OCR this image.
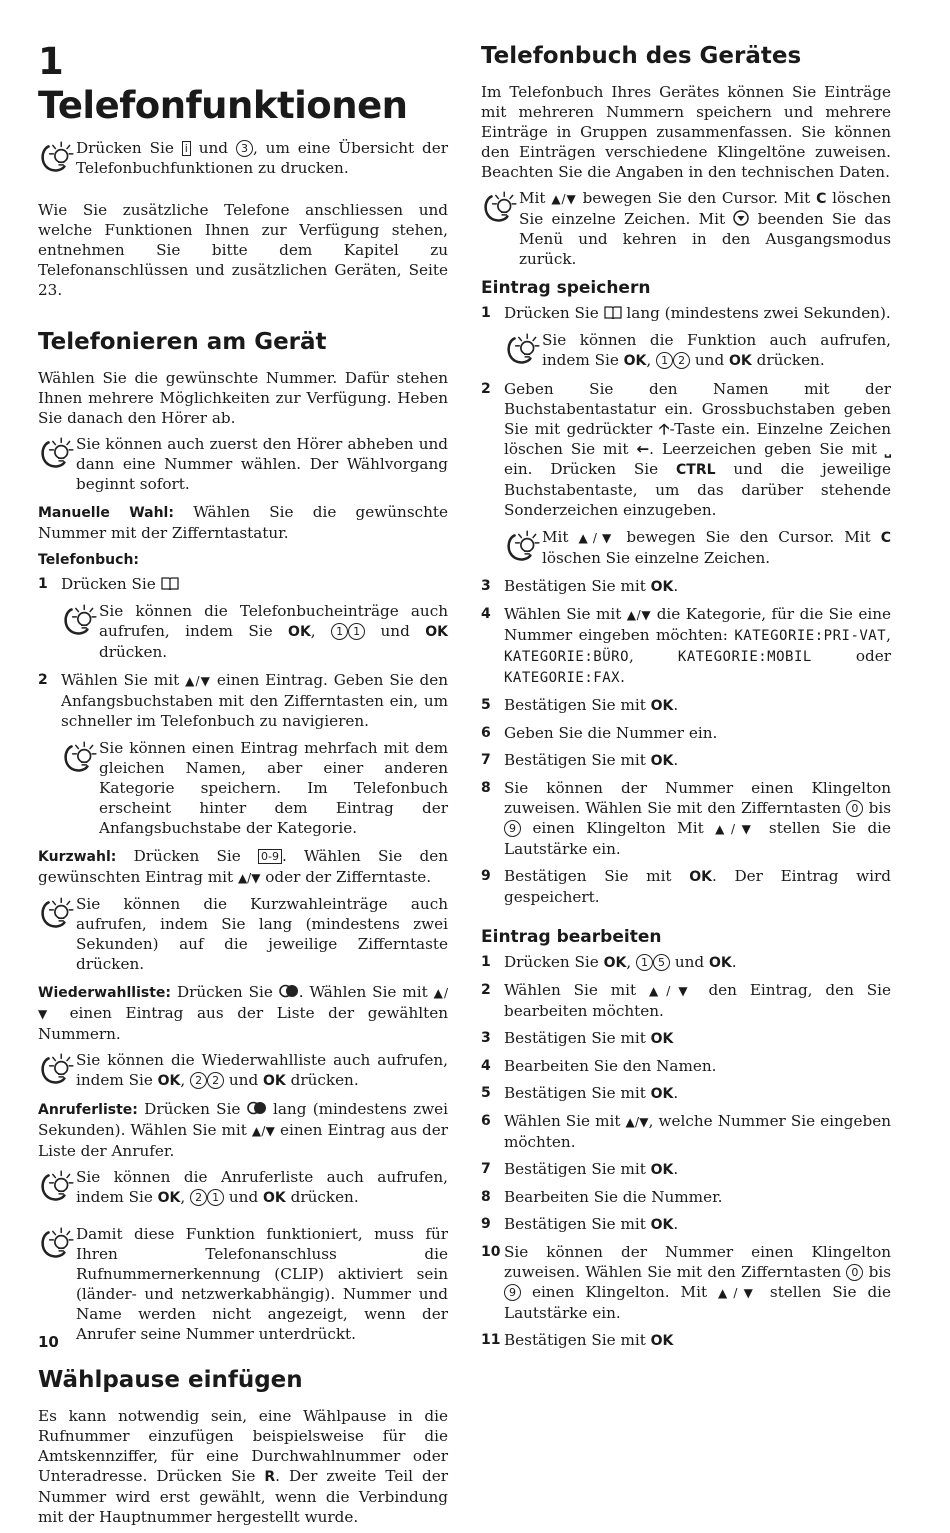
1Telefonfunktionen
Drücken Sie i und 3 , um eine Übersicht der Telefonbuchfunktionen zu drucken.

Wie Sie zusätzliche Telefone anschliessen und welche Funktionen Ihnen zur Verfügung stehen, entnehmen Sie bitte dem Kapitel zu Telefonanschlüssen und zusätzlichen Geräten, Seite 23.

Telefonieren am Gerät

Wählen Sie die gewünschte Nummer. Dafür stehen Ihnen mehrere Möglichkeiten zur Verfügung. Heben Sie danach den Hörer ab.

Sie können auch zuerst den Hörer abheben und dann eine Nummer wählen. Der Wählvorgang beginnt sofort.

Manuelle Wahl: Wählen Sie die gewünschte Nummer mit der Zifferntastatur.

Telefonbuch:

1 Drücken Sie
Sie können die Telefonbucheinträge auch aufrufen, indem Sie OK, 1 1 und OK drücken.
2 Wählen Sie mit ▲/▼ einen Eintrag. Geben Sie den Anfangsbuchstaben mit den Zifferntasten ein, um schneller im Telefonbuch zu navigieren.
Sie können einen Eintrag mehrfach mit dem gleichen Namen, aber einer anderen Kategorie speichern. Im Telefonbuch erscheint hinter dem Eintrag der Anfangsbuchstabe der Kategorie.

Kurzwahl: Drücken Sie 0-9 . Wählen Sie den gewünschten Eintrag mit ▲/▼ oder der Zifferntaste.

Sie können die Kurzwahleinträge auch aufrufen, indem Sie lang (mindestens zwei Sekunden) auf die jeweilige Zifferntaste drücken.

Wiederwahlliste: Drücken Sie . Wählen Sie mit ▲/▼ einen Eintrag aus der Liste der gewählten Nummern.

Sie können die Wiederwahlliste auch aufrufen, indem Sie OK, 2 2 und OK drücken.

Anruferliste: Drücken Sie  lang (mindestens zwei Sekunden). Wählen Sie mit ▲/▼ einen Eintrag aus der Liste der Anrufer.

Sie können die Anruferliste auch aufrufen, indem Sie OK, 2 1 und OK drücken.
Damit diese Funktion funktioniert, muss für Ihren Telefonanschluss die Rufnummernerkennung (CLIP) aktiviert sein (länder- und netzwerkabhängig). Nummer und Name werden nicht angezeigt, wenn der Anrufer seine Nummer unterdrückt.
Wählpause einfügen

Es kann notwendig sein, eine Wählpause in die Rufnummer einzufügen beispielsweise für die Amtskennziffer, für eine Durchwahlnummer oder Unteradresse. Drücken Sie R. Der zweite Teil der Nummer wird erst gewählt, wenn die Verbindung mit der Hauptnummer hergestellt wurde.

Telefonbuch des Gerätes

Im Telefonbuch Ihres Gerätes können Sie Einträge mit mehreren Nummern speichern und mehrere Einträge in Gruppen zusammenfassen. Sie können den Einträgen verschiedene Klingeltöne zuweisen. Beachten Sie die Angaben in den technischen Daten.

Mit ▲/▼ bewegen Sie den Cursor. Mit C löschen Sie einzelne Zeichen. Mit  beenden Sie das Menü und kehren in den Ausgangsmodus zurück.
Eintrag speichern
1 Drücken Sie  lang (mindestens zwei Sekunden).
Sie können die Funktion auch aufrufen, indem Sie OK, 1 2 und OK drücken.
2 Geben Sie den Namen mit der Buchstabentastatur ein. Grossbuchstaben geben Sie mit gedrückter 🡡-Taste ein. Einzelne Zeichen löschen Sie mit ←. Leerzeichen geben Sie mit ⎵ ein. Drücken Sie CTRL und die jeweilige Buchstabentaste, um das darüber stehende Sonderzeichen einzugeben.
Mit ▲/▼ bewegen Sie den Cursor. Mit C löschen Sie einzelne Zeichen.
3 Bestätigen Sie mit OK.
4 Wählen Sie mit ▲/▼ die Kategorie, für die Sie eine Nummer eingeben möchten: KATEGORIE:PRI-VAT, KATEGORIE:BÜRO, KATEGORIE:MOBIL oder KATEGORIE:FAX.
5 Bestätigen Sie mit OK.
6 Geben Sie die Nummer ein.
7 Bestätigen Sie mit OK.
8 Sie können der Nummer einen Klingelton zuweisen. Wählen Sie mit den Zifferntasten 0 bis 9 einen Klingelton Mit ▲/▼ stellen Sie die Lautstärke ein.
9 Bestätigen Sie mit OK. Der Eintrag wird gespeichert.
Eintrag bearbeiten
1 Drücken Sie OK, 1 5 und OK.
2 Wählen Sie mit ▲/▼ den Eintrag, den Sie bearbeiten möchten.
3 Bestätigen Sie mit OK
4 Bearbeiten Sie den Namen.
5 Bestätigen Sie mit OK.
6 Wählen Sie mit ▲/▼, welche Nummer Sie eingeben möchten.
7 Bestätigen Sie mit OK.
8 Bearbeiten Sie die Nummer.
9 Bestätigen Sie mit OK.
10 Sie können der Nummer einen Klingelton zuweisen. Wählen Sie mit den Zifferntasten 0 bis 9 einen Klingelton. Mit ▲/▼ stellen Sie die Lautstärke ein.
11 Bestätigen Sie mit OK
10
